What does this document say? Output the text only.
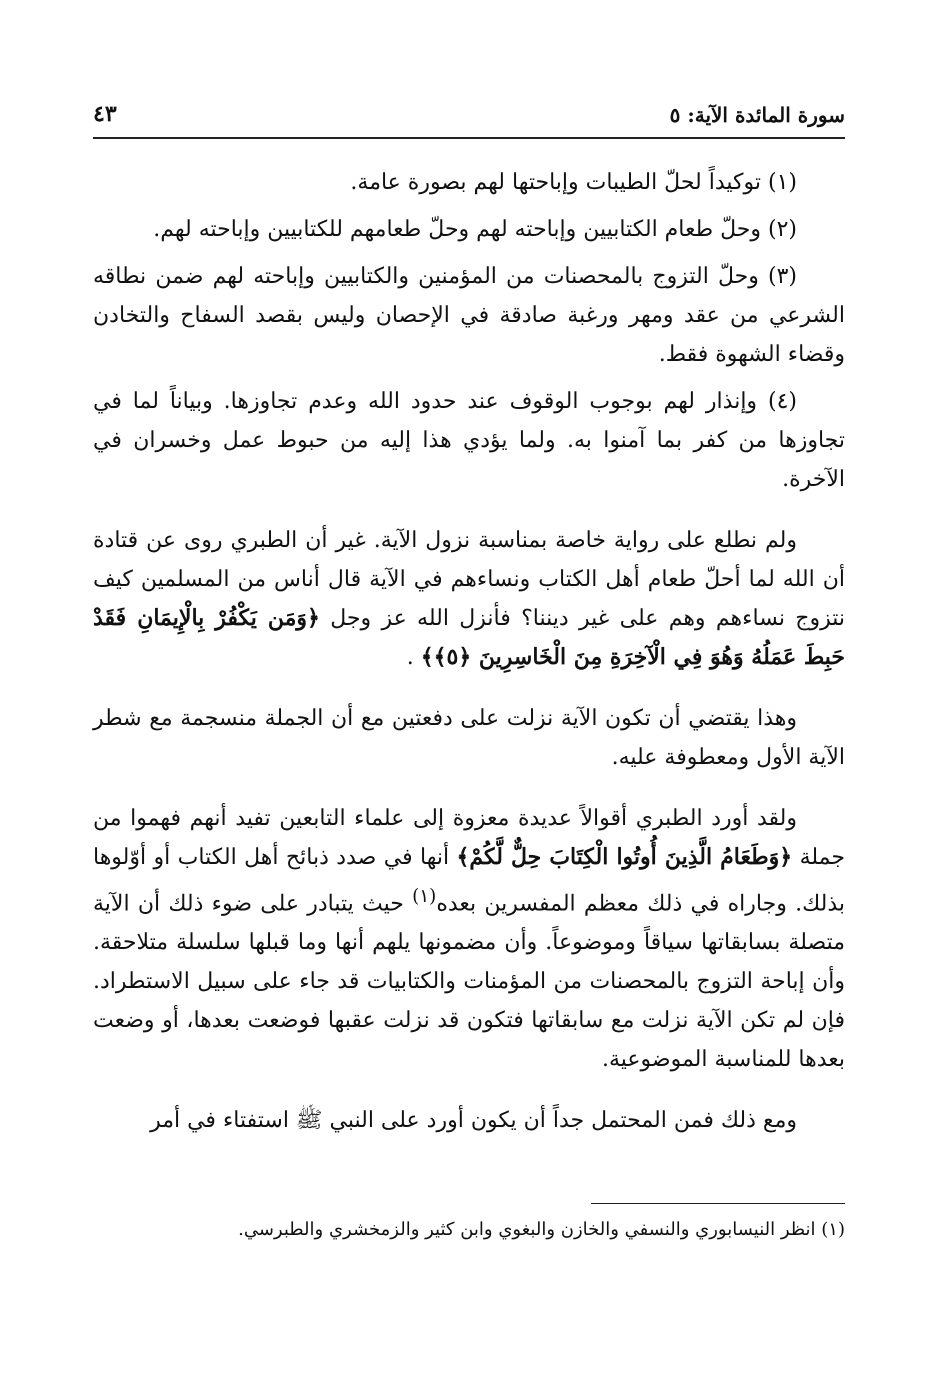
سورة المائدة الآية: ٥
٤٣

(١) توكيداً لحلّ الطيبات وإباحتها لهم بصورة عامة.

(٢) وحلّ طعام الكتابيين وإباحته لهم وحلّ طعامهم للكتابيين وإباحته لهم.

(٣) وحلّ التزوج بالمحصنات من المؤمنين والكتابيين وإباحته لهم ضمن نطاقه الشرعي من عقد ومهر ورغبة صادقة في الإحصان وليس بقصد السفاح والتخادن وقضاء الشهوة فقط.

(٤) وإنذار لهم بوجوب الوقوف عند حدود الله وعدم تجاوزها. وبياناً لما في تجاوزها من كفر بما آمنوا به. ولما يؤدي هذا إليه من حبوط عمل وخسران في الآخرة.

ولم نطلع على رواية خاصة بمناسبة نزول الآية. غير أن الطبري روى عن قتادة أن الله لما أحلّ طعام أهل الكتاب ونساءهم في الآية قال أناس من المسلمين كيف نتزوج نساءهم وهم على غير ديننا؟ فأنزل الله عز وجل ﴿وَمَن يَكْفُرْ بِالْإِيمَانِ فَقَدْ حَبِطَ عَمَلُهُ وَهُوَ فِي الْآخِرَةِ مِنَ الْخَاسِرِينَ ﴿٥﴾﴾ .

وهذا يقتضي أن تكون الآية نزلت على دفعتين مع أن الجملة منسجمة مع شطر الآية الأول ومعطوفة عليه.

ولقد أورد الطبري أقوالاً عديدة معزوة إلى علماء التابعين تفيد أنهم فهموا من جملة ﴿وَطَعَامُ الَّذِينَ أُوتُوا الْكِتَابَ حِلٌّ لَّكُمْ﴾ أنها في صدد ذبائح أهل الكتاب أو أوّلوها بذلك. وجاراه في ذلك معظم المفسرين بعده$^{(١)}$ حيث يتبادر على ضوء ذلك أن الآية متصلة بسابقاتها سياقاً وموضوعاً. وأن مضمونها يلهم أنها وما قبلها سلسلة متلاحقة. وأن إباحة التزوج بالمحصنات من المؤمنات والكتابيات قد جاء على سبيل الاستطراد. فإن لم تكن الآية نزلت مع سابقاتها فتكون قد نزلت عقبها فوضعت بعدها، أو وضعت بعدها للمناسبة الموضوعية.

ومع ذلك فمن المحتمل جداً أن يكون أورد على النبي ﷺ استفتاء في أمر

(١) انظر النيسابوري والنسفي والخازن والبغوي وابن كثير والزمخشري والطبرسي.
